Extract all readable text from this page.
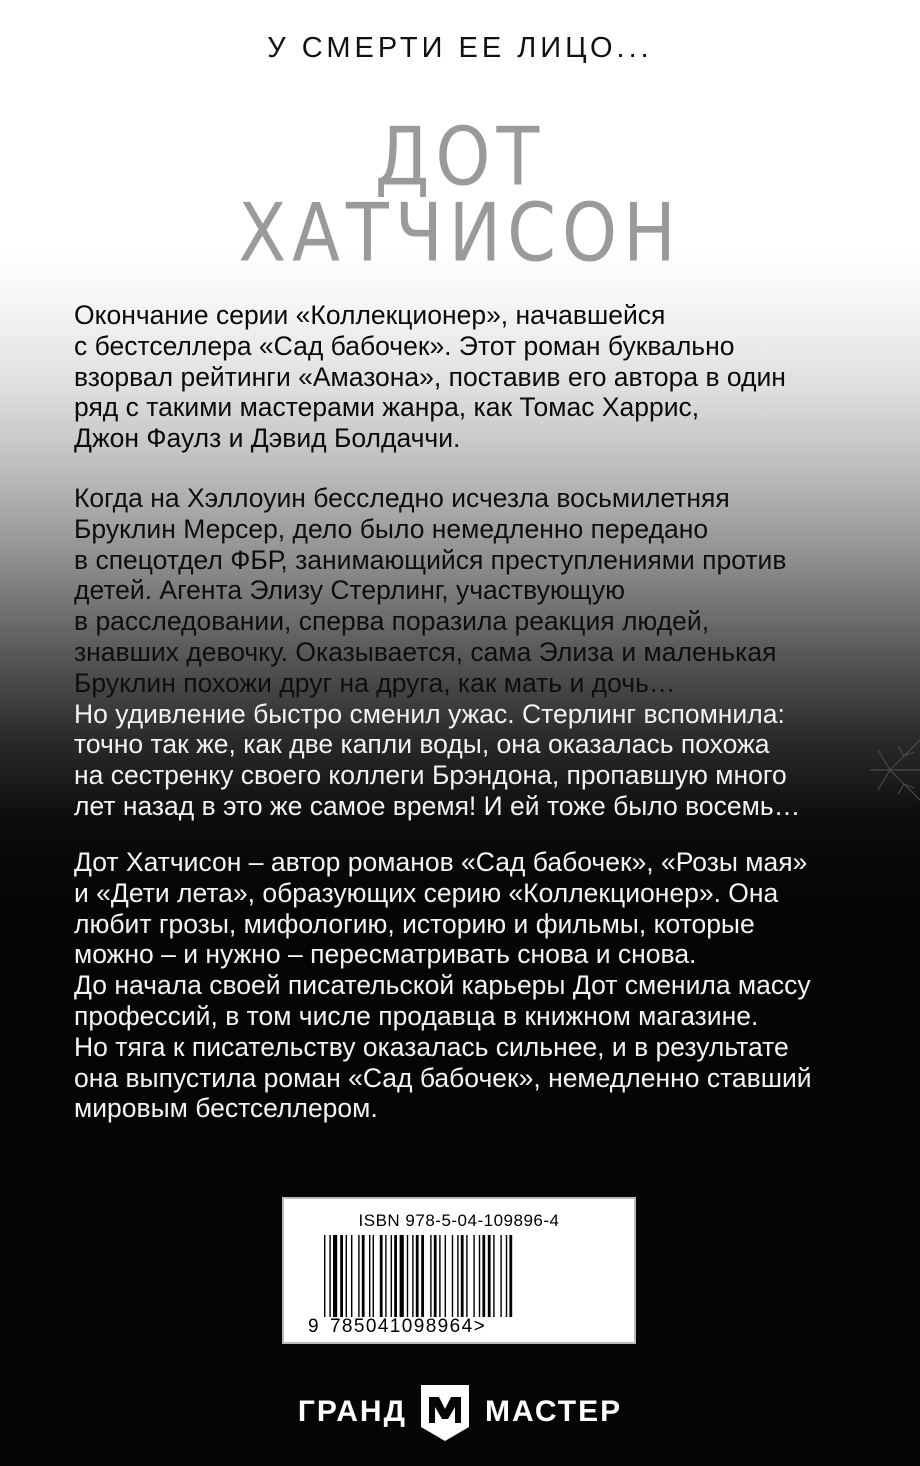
У СМЕРТИ ЕЕ ЛИЦО...
ДОТ
ХАТЧИСОН

Окончание серии «Коллекционер», начавшейся
с бестселлера «Сад бабочек». Этот роман буквально
взорвал рейтинги «Амазона», поставив его автора в один
ряд с такими мастерами жанра, как Томас Харрис,
Джон Фаулз и Дэвид Болдаччи.

Когда на Хэллоуин бесследно исчезла восьмилетняя
Бруклин Мерсер, дело было немедленно передано
в спецотдел ФБР, занимающийся преступлениями против
детей. Агента Элизу Стерлинг, участвующую
в расследовании, сперва поразила реакция людей,
знавших девочку. Оказывается, сама Элиза и маленькая
Бруклин похожи друг на друга, как мать и дочь…
Но удивление быстро сменил ужас. Стерлинг вспомнила:
точно так же, как две капли воды, она оказалась похожа
на сестренку своего коллеги Брэндона, пропавшую много
лет назад в это же самое время! И ей тоже было восемь…

Дот Хатчисон – автор романов «Сад бабочек», «Розы мая»
и «Дети лета», образующих серию «Коллекционер». Она
любит грозы, мифологию, историю и фильмы, которые
можно – и нужно – пересматривать снова и снова.
До начала своей писательской карьеры Дот сменила массу
профессий, в том числе продавца в книжном магазине.
Но тяга к писательству оказалась сильнее, и в результате
она выпустила роман «Сад бабочек», немедленно ставший
мировым бестселлером.

ISBN 978-5-04-109896-4
9 785041098964>
ГРАНД	МАСТЕР
